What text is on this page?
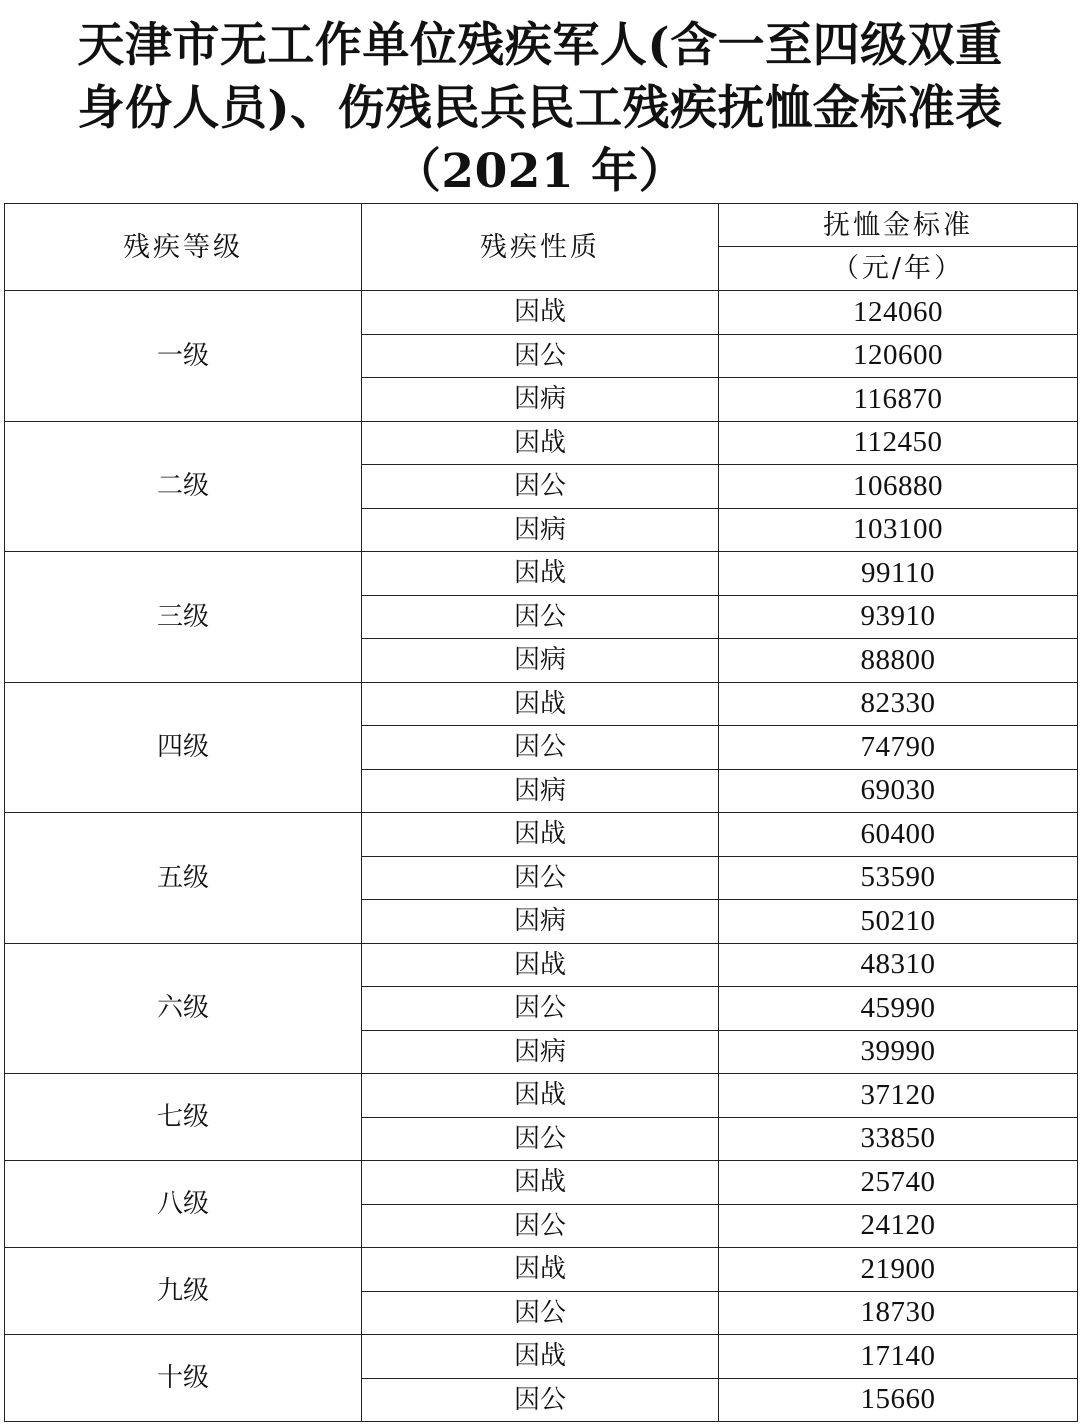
天津市无工作单位残疾军人(含一至四级双重
身份人员)、伤残民兵民工残疾抚恤金标准表
（2021 年）
残疾等级	残疾性质	抚恤金标准
		（元/年）
一级	因战	124060
	因公	120600
	因病	116870
二级	因战	112450
	因公	106880
	因病	103100
三级	因战	99110
	因公	93910
	因病	88800
四级	因战	82330
	因公	74790
	因病	69030
五级	因战	60400
	因公	53590
	因病	50210
六级	因战	48310
	因公	45990
	因病	39990
七级	因战	37120
	因公	33850
八级	因战	25740
	因公	24120
九级	因战	21900
	因公	18730
十级	因战	17140
	因公	15660
